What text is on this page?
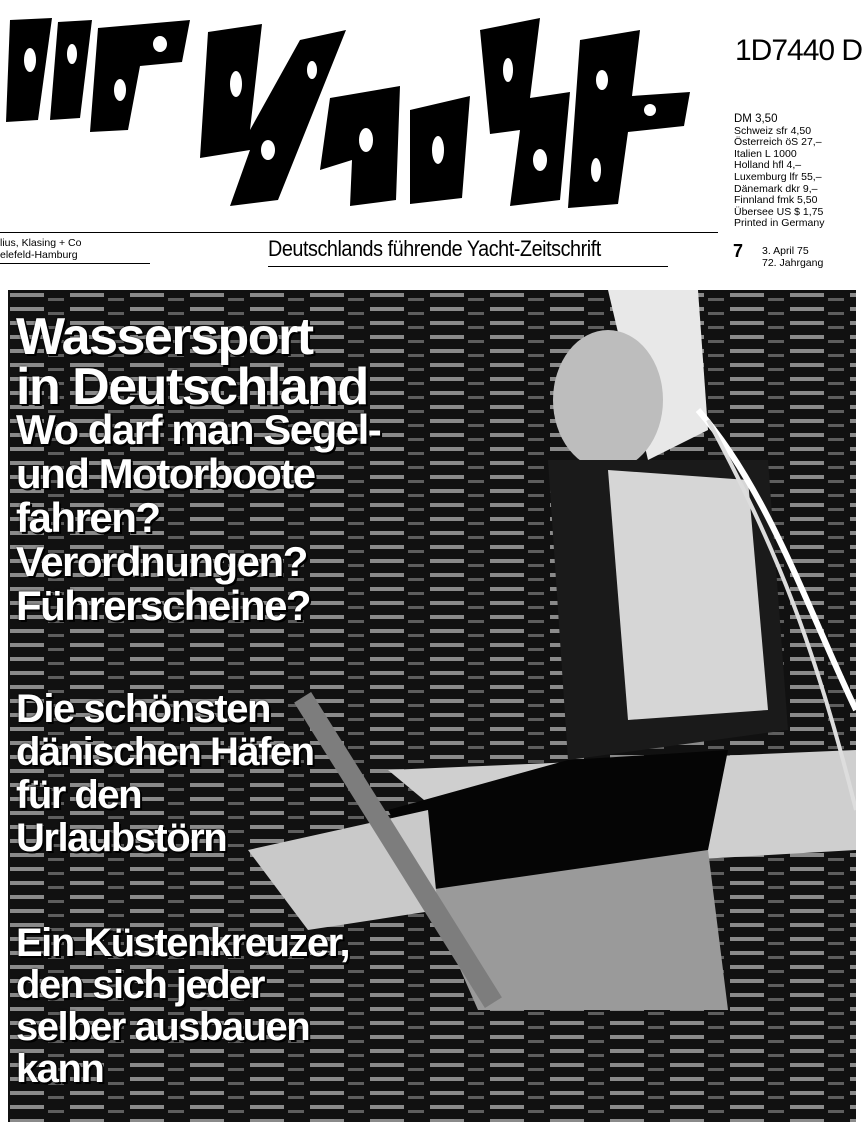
1D7440 D
DM 3,50
Schweiz sfr 4,50
Österreich öS 27,–
Italien L 1000
Holland hfl 4,–
Luxemburg lfr 55,–
Dänemark dkr 9,–
Finnland fmk 5,50
Übersee US $ 1,75
Printed in Germany
lius, Klasing + Co
elefeld-Hamburg	Deutschlands führende Yacht-Zeitschrift	7 3. April 75
72. Jahrgang
Wassersport
in Deutschland
Wo darf man Segel-
und Motorboote
fahren?
Verordnungen?
Führerscheine?
Die schönsten
dänischen Häfen
für den
Urlaubstörn
Ein Küstenkreuzer,
den sich jeder
selber ausbauen
kann
